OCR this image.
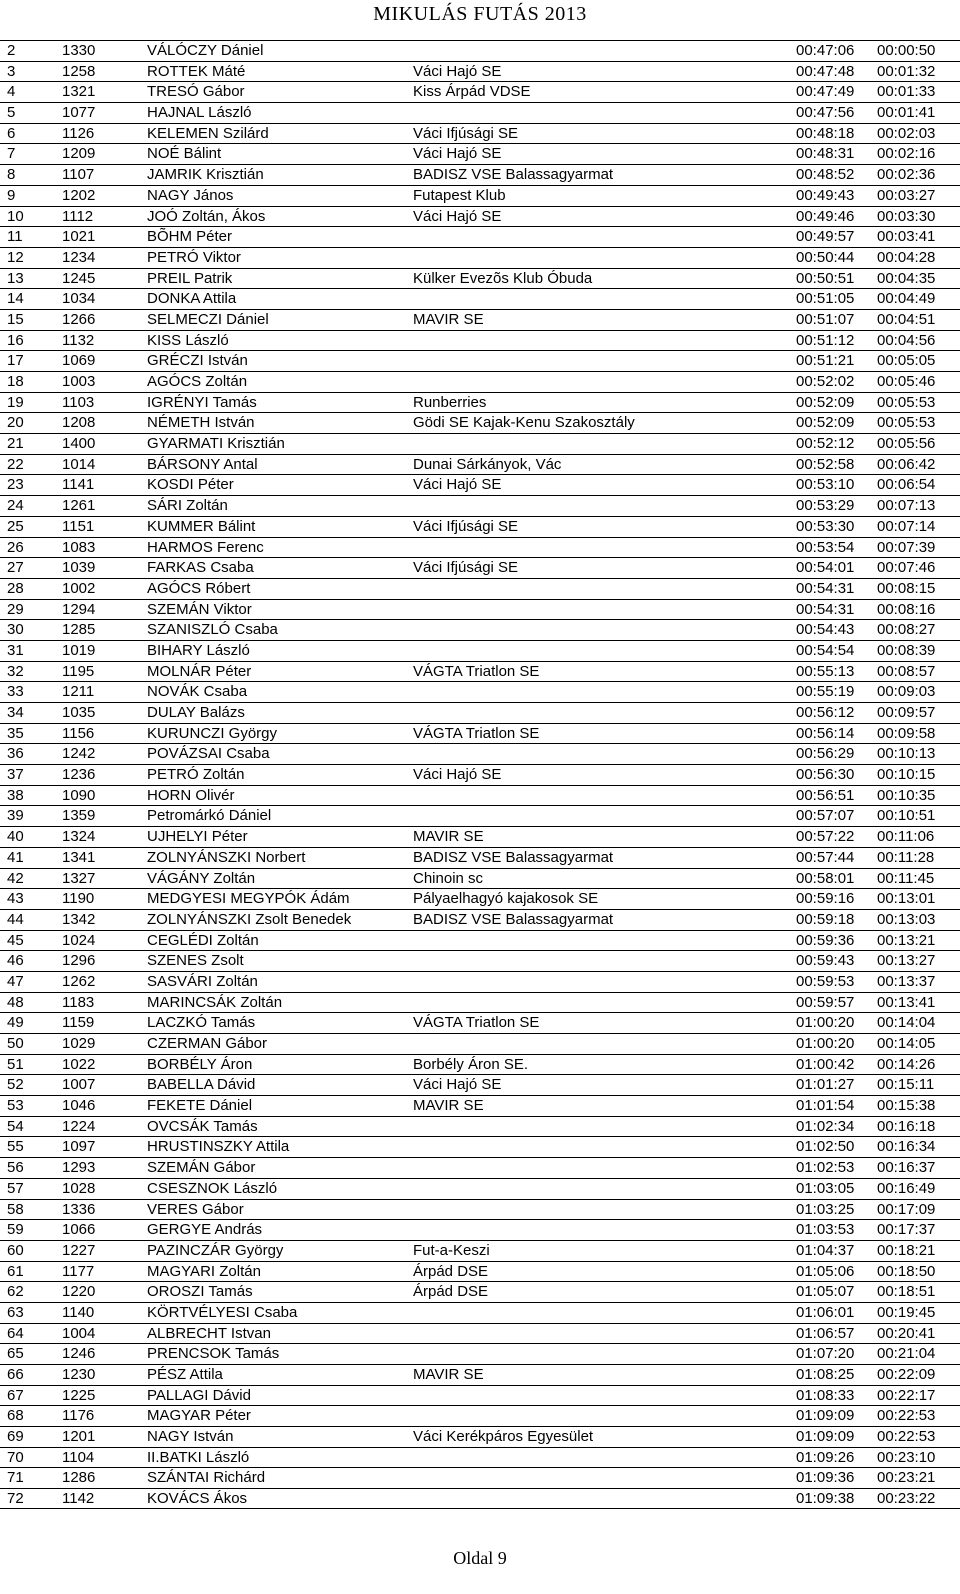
MIKULÁS FUTÁS 2013
2	1330	VÁLÓCZY Dániel	00:47:06 00:00:50
3	1258	ROTTEK Máté	Váci Hajó SE	00:47:48 00:01:32
4	1321	TRESÓ Gábor	Kiss Árpád VDSE	00:47:49 00:01:33
5	1077	HAJNAL László	00:47:56 00:01:41
6	1126	KELEMEN Szilárd	Váci Ifjúsági SE	00:48:18 00:02:03
7	1209	NOÉ Bálint	Váci Hajó SE	00:48:31 00:02:16
8	1107	JAMRIK Krisztián	BADISZ VSE Balassagyarmat	00:48:52 00:02:36
9	1202	NAGY János	Futapest Klub	00:49:43 00:03:27
10	1112	JOÓ Zoltán, Ákos	Váci Hajó SE	00:49:46 00:03:30
11	1021	BÕHM Péter	00:49:57 00:03:41
12	1234	PETRÓ Viktor	00:50:44 00:04:28
13	1245	PREIL Patrik	Külker Evezõs Klub Óbuda	00:50:51 00:04:35
14	1034	DONKA Attila	00:51:05 00:04:49
15	1266	SELMECZI Dániel	MAVIR SE	00:51:07 00:04:51
16	1132	KISS László	00:51:12 00:04:56
17	1069	GRÉCZI István	00:51:21 00:05:05
18	1003	AGÓCS Zoltán	00:52:02 00:05:46
19	1103	IGRÉNYI Tamás	Runberries	00:52:09 00:05:53
20	1208	NÉMETH István	Gödi SE Kajak-Kenu Szakosztály	00:52:09 00:05:53
21	1400	GYARMATI Krisztián	00:52:12 00:05:56
22	1014	BÁRSONY Antal	Dunai Sárkányok, Vác	00:52:58 00:06:42
23	1141	KOSDI Péter	Váci Hajó SE	00:53:10 00:06:54
24	1261	SÁRI Zoltán	00:53:29 00:07:13
25	1151	KUMMER Bálint	Váci Ifjúsági SE	00:53:30 00:07:14
26	1083	HARMOS Ferenc	00:53:54 00:07:39
27	1039	FARKAS Csaba	Váci Ifjúsági SE	00:54:01 00:07:46
28	1002	AGÓCS Róbert	00:54:31 00:08:15
29	1294	SZEMÁN Viktor	00:54:31 00:08:16
30	1285	SZANISZLÓ Csaba	00:54:43 00:08:27
31	1019	BIHARY László	00:54:54 00:08:39
32	1195	MOLNÁR Péter	VÁGTA Triatlon SE	00:55:13 00:08:57
33	1211	NOVÁK Csaba	00:55:19 00:09:03
34	1035	DULAY Balázs	00:56:12 00:09:57
35	1156	KURUNCZI György	VÁGTA Triatlon SE	00:56:14 00:09:58
36	1242	POVÁZSAI Csaba	00:56:29 00:10:13
37	1236	PETRÓ Zoltán	Váci Hajó SE	00:56:30 00:10:15
38	1090	HORN Olivér	00:56:51 00:10:35
39	1359	Petromárkó Dániel	00:57:07 00:10:51
40	1324	UJHELYI Péter	MAVIR SE	00:57:22 00:11:06
41	1341	ZOLNYÁNSZKI Norbert	BADISZ VSE Balassagyarmat	00:57:44 00:11:28
42	1327	VÁGÁNY Zoltán	Chinoin sc	00:58:01 00:11:45
43	1190	MEDGYESI MEGYPÓK Ádám	Pályaelhagyó kajakosok SE	00:59:16 00:13:01
44	1342	ZOLNYÁNSZKI Zsolt Benedek	BADISZ VSE Balassagyarmat	00:59:18 00:13:03
45	1024	CEGLÉDI Zoltán	00:59:36 00:13:21
46	1296	SZENES Zsolt	00:59:43 00:13:27
47	1262	SASVÁRI Zoltán	00:59:53 00:13:37
48	1183	MARINCSÁK Zoltán	00:59:57 00:13:41
49	1159	LACZKÓ Tamás	VÁGTA Triatlon SE	01:00:20 00:14:04
50	1029	CZERMAN Gábor	01:00:20 00:14:05
51	1022	BORBÉLY Áron	Borbély Áron SE.	01:00:42 00:14:26
52	1007	BABELLA Dávid	Váci Hajó SE	01:01:27 00:15:11
53	1046	FEKETE Dániel	MAVIR SE	01:01:54 00:15:38
54	1224	OVCSÁK Tamás	01:02:34 00:16:18
55	1097	HRUSTINSZKY Attila	01:02:50 00:16:34
56	1293	SZEMÁN Gábor	01:02:53 00:16:37
57	1028	CSESZNOK László	01:03:05 00:16:49
58	1336	VERES Gábor	01:03:25 00:17:09
59	1066	GERGYE András	01:03:53 00:17:37
60	1227	PAZINCZÁR György	Fut-a-Keszi	01:04:37 00:18:21
61	1177	MAGYARI Zoltán	Árpád DSE	01:05:06 00:18:50
62	1220	OROSZI Tamás	Árpád DSE	01:05:07 00:18:51
63	1140	KÖRTVÉLYESI Csaba	01:06:01 00:19:45
64	1004	ALBRECHT Istvan	01:06:57 00:20:41
65	1246	PRENCSOK Tamás	01:07:20 00:21:04
66	1230	PÉSZ Attila	MAVIR SE	01:08:25 00:22:09
67	1225	PALLAGI Dávid	01:08:33 00:22:17
68	1176	MAGYAR Péter	01:09:09 00:22:53
69	1201	NAGY István	Váci Kerékpáros Egyesület	01:09:09 00:22:53
70	1104	II.BATKI László	01:09:26 00:23:10
71	1286	SZÁNTAI Richárd	01:09:36 00:23:21
72	1142	KOVÁCS Ákos	01:09:38 00:23:22
Oldal 9
